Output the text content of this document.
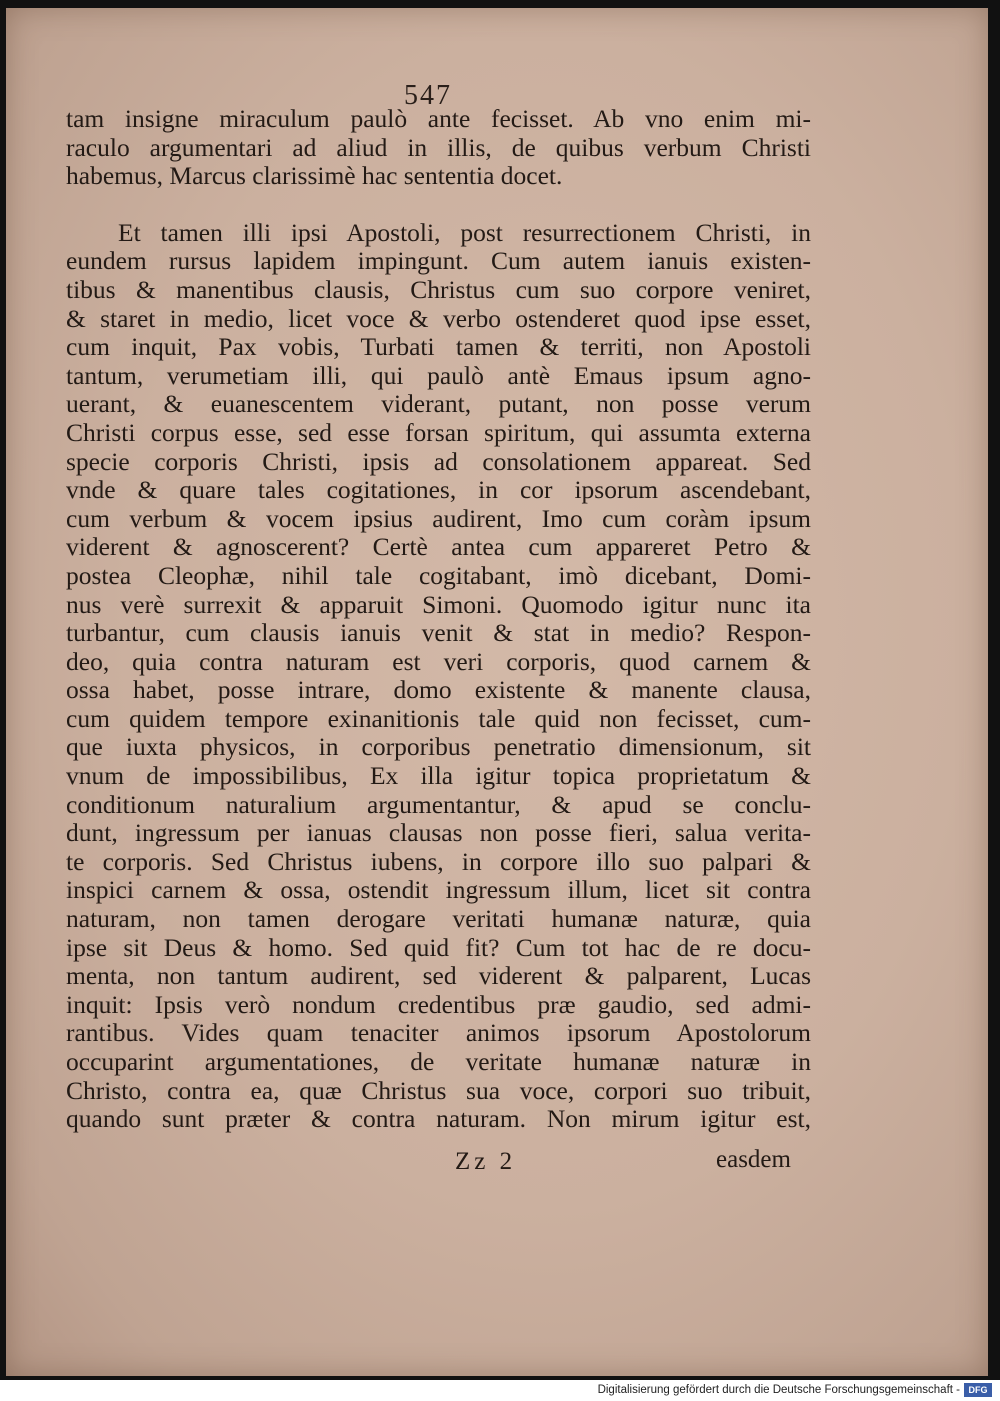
547
tam insigne miraculum paulò ante fecisset. Ab vno enim mi-
raculo argumentari ad aliud in illis, de quibus verbum Christi
habemus, Marcus clarissimè hac sententia docet.
Et tamen illi ipsi Apostoli, post resurrectionem Christi, in
eundem rursus lapidem impingunt. Cum autem ianuis existen-
tibus & manentibus clausis, Christus cum suo corpore veniret,
& staret in medio, licet voce & verbo ostenderet quod ipse esset,
cum inquit, Pax vobis, Turbati tamen & territi, non Apostoli
tantum, verumetiam illi, qui paulò antè Emaus ipsum agno-
uerant, & euanescentem viderant, putant, non posse verum
Christi corpus esse, sed esse forsan spiritum, qui assumta externa
specie corporis Christi, ipsis ad consolationem appareat. Sed
vnde & quare tales cogitationes, in cor ipsorum ascendebant,
cum verbum & vocem ipsius audirent, Imo cum coràm ipsum
viderent & agnoscerent? Certè antea cum appareret Petro &
postea Cleophæ, nihil tale cogitabant, imò dicebant, Domi-
nus verè surrexit & apparuit Simoni. Quomodo igitur nunc ita
turbantur, cum clausis ianuis venit & stat in medio? Respon-
deo, quia contra naturam est veri corporis, quod carnem &
ossa habet, posse intrare, domo existente & manente clausa,
cum quidem tempore exinanitionis tale quid non fecisset, cum-
que iuxta physicos, in corporibus penetratio dimensionum, sit
vnum de impossibilibus, Ex illa igitur topica proprietatum &
conditionum naturalium argumentantur, & apud se conclu-
dunt, ingressum per ianuas clausas non posse fieri, salua verita-
te corporis. Sed Christus iubens, in corpore illo suo palpari &
inspici carnem & ossa, ostendit ingressum illum, licet sit contra
naturam, non tamen derogare veritati humanæ naturæ, quia
ipse sit Deus & homo. Sed quid fit? Cum tot hac de re docu-
menta, non tantum audirent, sed viderent & palparent, Lucas
inquit: Ipsis verò nondum credentibus præ gaudio, sed admi-
rantibus. Vides quam tenaciter animos ipsorum Apostolorum
occuparint argumentationes, de veritate humanæ naturæ in
Christo, contra ea, quæ Christus sua voce, corpori suo tribuit,
quando sunt præter & contra naturam. Non mirum igitur est,
Zz 2	easdem
Digitalisierung gefördert durch die Deutsche Forschungsgemeinschaft - DFG
